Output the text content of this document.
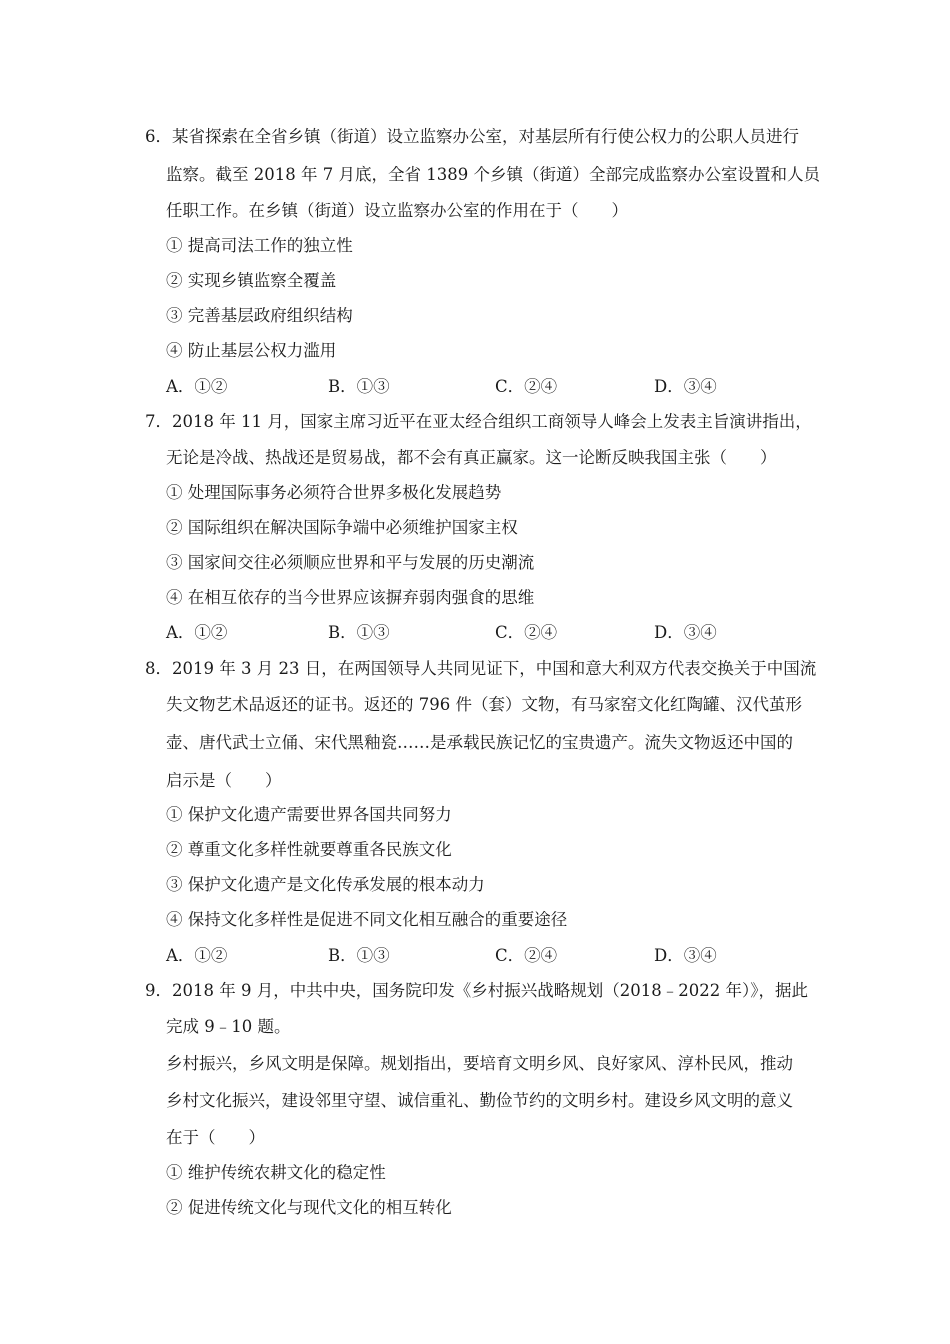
6．某省探索在全省乡镇（街道）设立监察办公室，对基层所有行使公权力的公职人员进行
监察。截至 2018 年 7 月底，全省 1389 个乡镇（街道）全部完成监察办公室设置和人员
任职工作。在乡镇（街道）设立监察办公室的作用在于（　　）
① 提高司法工作的独立性
② 实现乡镇监察全覆盖
③ 完善基层政府组织结构
④ 防止基层公权力滥用
A．①②	B．①③	C．②④	D．③④
7．2018 年 11 月，国家主席习近平在亚太经合组织工商领导人峰会上发表主旨演讲指出，
无论是冷战、热战还是贸易战，都不会有真正赢家。这一论断反映我国主张（　　）
① 处理国际事务必须符合世界多极化发展趋势
② 国际组织在解决国际争端中必须维护国家主权
③ 国家间交往必须顺应世界和平与发展的历史潮流
④ 在相互依存的当今世界应该摒弃弱肉强食的思维
A．①②	B．①③	C．②④	D．③④
8．2019 年 3 月 23 日，在两国领导人共同见证下，中国和意大利双方代表交换关于中国流
失文物艺术品返还的证书。返还的 796 件（套）文物，有马家窑文化红陶罐、汉代茧形
壶、唐代武士立俑、宋代黑釉瓷……是承载民族记忆的宝贵遗产。流失文物返还中国的
启示是（　　）
① 保护文化遗产需要世界各国共同努力
② 尊重文化多样性就要尊重各民族文化
③ 保护文化遗产是文化传承发展的根本动力
④ 保持文化多样性是促进不同文化相互融合的重要途径
A．①②	B．①③	C．②④	D．③④
9．2018 年 9 月，中共中央，国务院印发《乡村振兴战略规划（2018﹣2022 年）》，据此
完成 9﹣10 题。
乡村振兴，乡风文明是保障。规划指出，要培育文明乡风、良好家风、淳朴民风，推动
乡村文化振兴，建设邻里守望、诚信重礼、勤俭节约的文明乡村。建设乡风文明的意义
在于（　　）
① 维护传统农耕文化的稳定性
② 促进传统文化与现代文化的相互转化
